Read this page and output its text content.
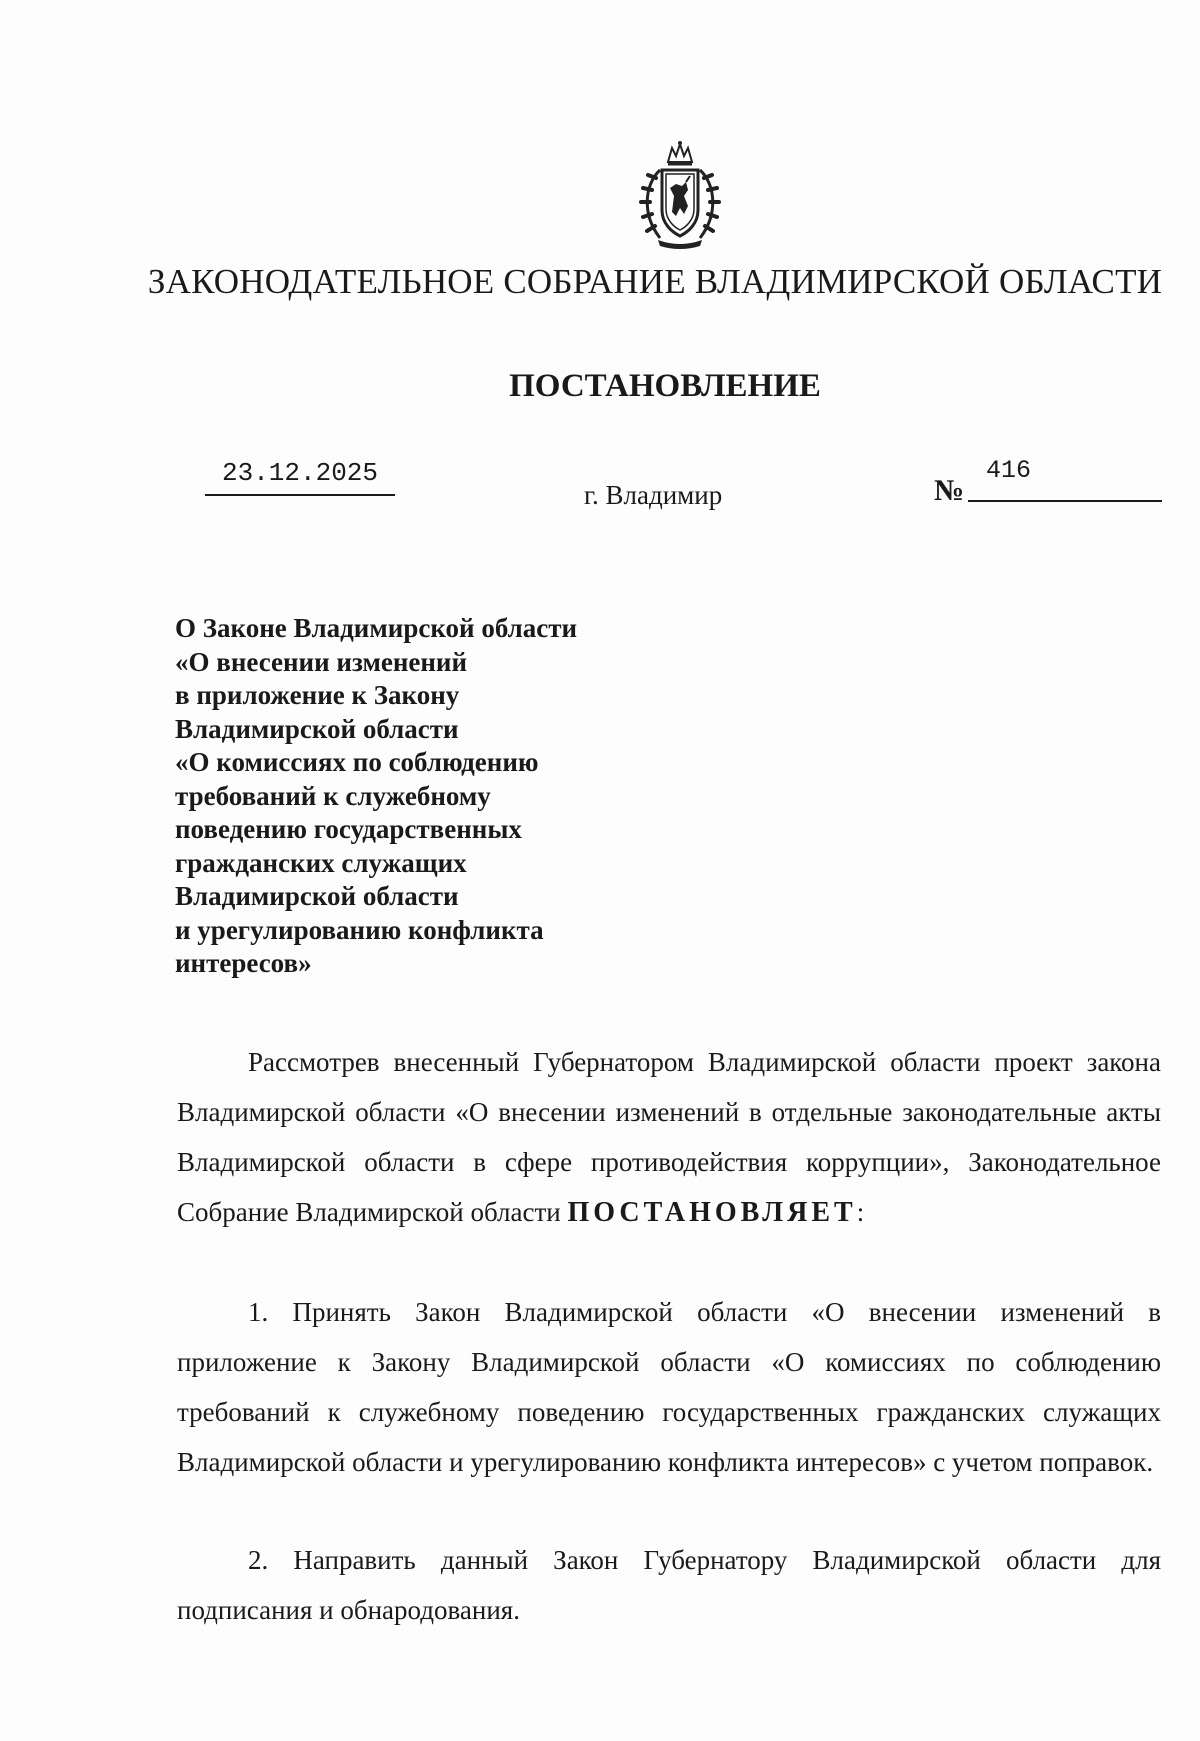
ЗАКОНОДАТЕЛЬНОЕ СОБРАНИЕ ВЛАДИМИРСКОЙ ОБЛАСТИ
ПОСТАНОВЛЕНИЕ
23.12.2025
г. Владимир	№
416
О Законе Владимирской области
«О внесении изменений
в приложение к Закону
Владимирской области
«О комиссиях по соблюдению
требований к служебному
поведению государственных
гражданских служащих
Владимирской области
и урегулированию конфликта
интересов»
Рассмотрев внесенный Губернатором Владимирской области проект закона Владимирской области «О внесении изменений в отдельные законодательные акты Владимирской области в сфере противодействия коррупции», Законодательное Собрание Владимирской области ПОСТАНОВЛЯЕТ:
1. Принять Закон Владимирской области «О внесении изменений в приложение к Закону Владимирской области «О комиссиях по соблюдению требований к служебному поведению государственных гражданских служащих Владимирской области и урегулированию конфликта интересов» с учетом поправок.
2. Направить данный Закон Губернатору Владимирской области для подписания и обнародования.
